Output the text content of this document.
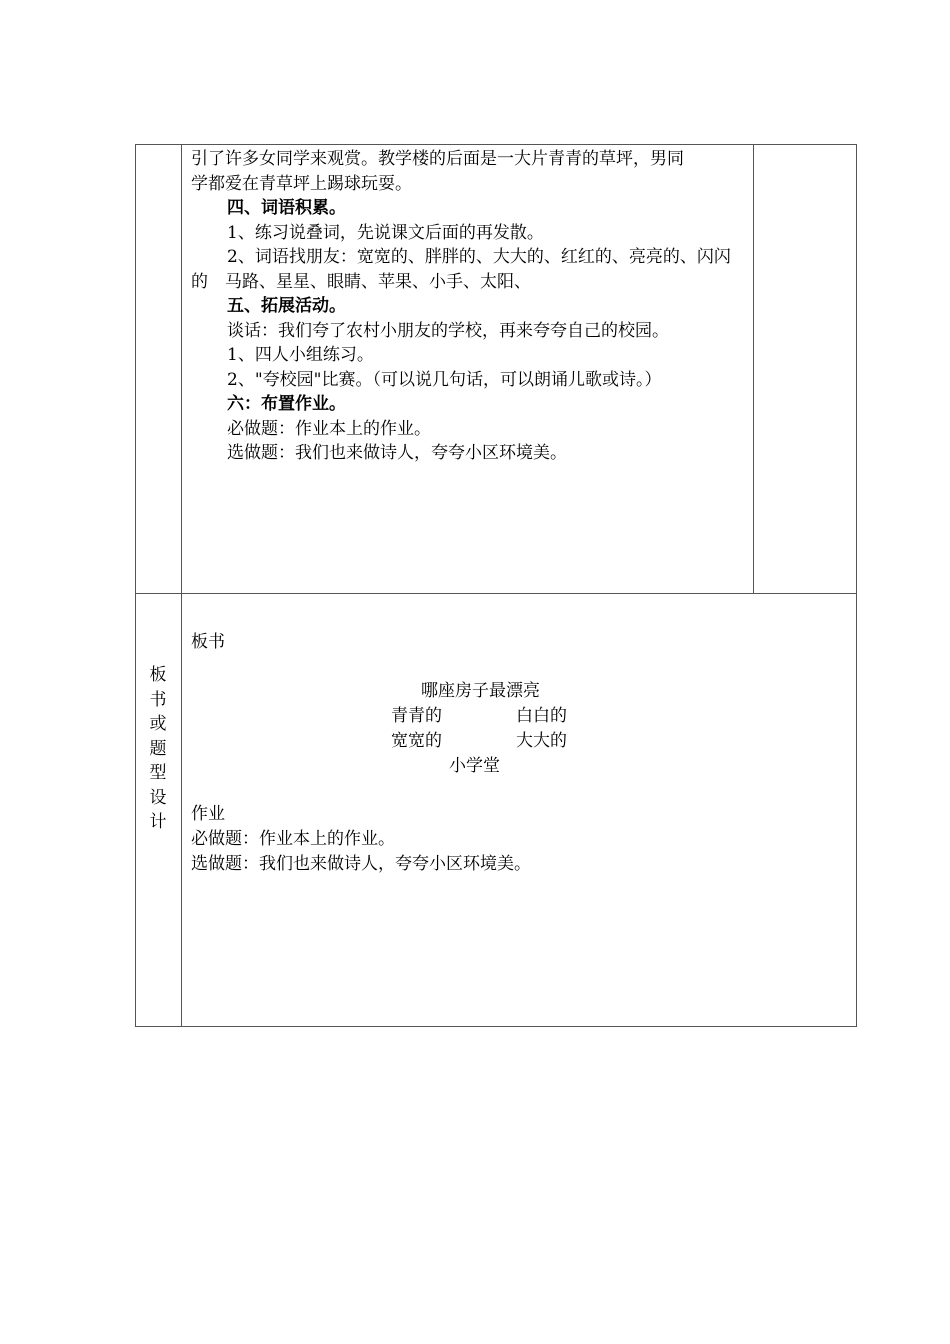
引了许多女同学来观赏。教学楼的后面是一大片青青的草坪，男同
学都爱在青草坪上踢球玩耍。
四、词语积累。
1、练习说叠词，先说课文后面的再发散。
2、词语找朋友：宽宽的、胖胖的、大大的、红红的、亮亮的、闪闪
的　马路、星星、眼睛、苹果、小手、太阳、
五、拓展活动。
谈话：我们夸了农村小朋友的学校，再来夸夸自己的校园。
1、四人小组练习。
2、"夸校园"比赛。（可以说几句话，可以朗诵儿歌或诗。）
六：布置作业。
必做题：作业本上的作业。
选做题：我们也来做诗人，夸夸小区环境美。
板
书
或
题
型
设
计
板书
哪座房子最漂亮
青青的	白白的
宽宽的	大大的
小学堂
作业
必做题：作业本上的作业。
选做题：我们也来做诗人，夸夸小区环境美。
